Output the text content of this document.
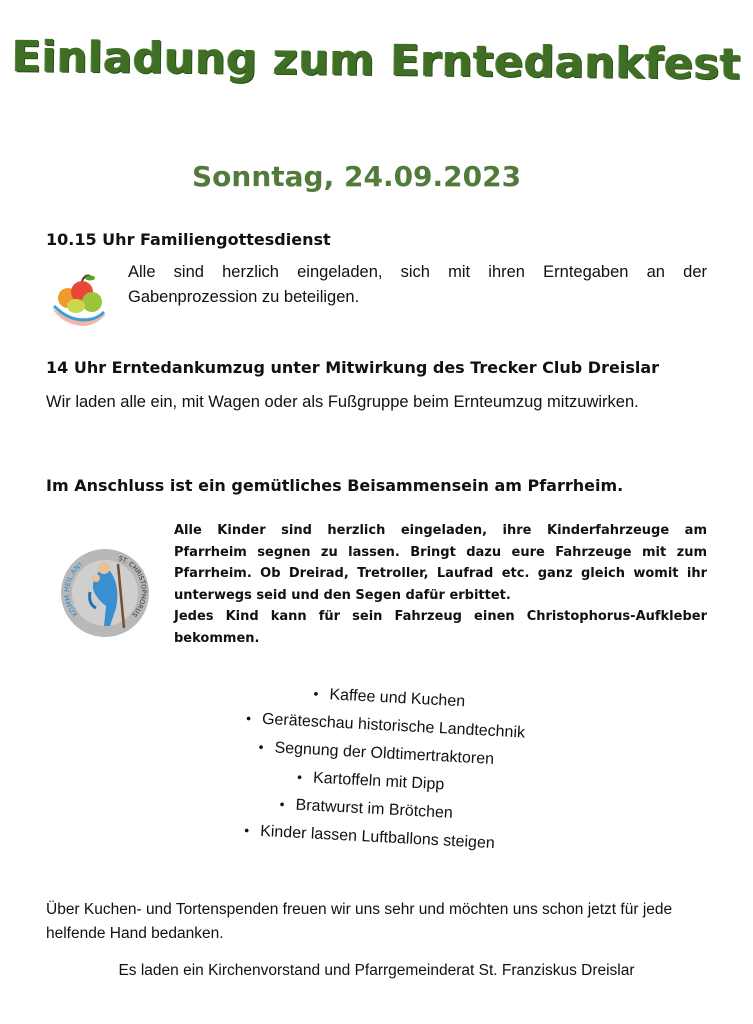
Einladung zum Erntedankfest
Sonntag, 24.09.2023
10.15 Uhr Familiengottesdienst
Alle sind herzlich eingeladen, sich mit ihren Erntegaben an der Gabenprozession zu beteiligen.
14 Uhr Erntedankumzug unter Mitwirkung des Trecker Club Dreislar
Wir laden alle ein, mit Wagen oder als Fußgruppe beim Ernteumzug mitzuwirken.
Im Anschluss ist ein gemütliches Beisammensein am Pfarrheim.
KOMM HEIL AN!
ST. CHRISTOPHORUS
Alle Kinder sind herzlich eingeladen, ihre Kinderfahrzeuge am Pfarrheim segnen zu lassen. Bringt dazu eure Fahrzeuge mit zum Pfarrheim. Ob Dreirad, Tretroller, Laufrad etc. ganz gleich womit ihr unterwegs seid und den Segen dafür erbittet.
Jedes Kind kann für sein Fahrzeug einen Christophorus-Aufkleber bekommen.
• Kaffee und Kuchen
• Geräteschau historische Landtechnik
• Segnung der Oldtimertraktoren
• Kartoffeln mit Dipp
• Bratwurst im Brötchen
• Kinder lassen Luftballons steigen
Über Kuchen- und Tortenspenden freuen wir uns sehr und möchten uns schon jetzt für jede helfende Hand bedanken.
Es laden ein Kirchenvorstand und Pfarrgemeinderat St. Franziskus Dreislar
